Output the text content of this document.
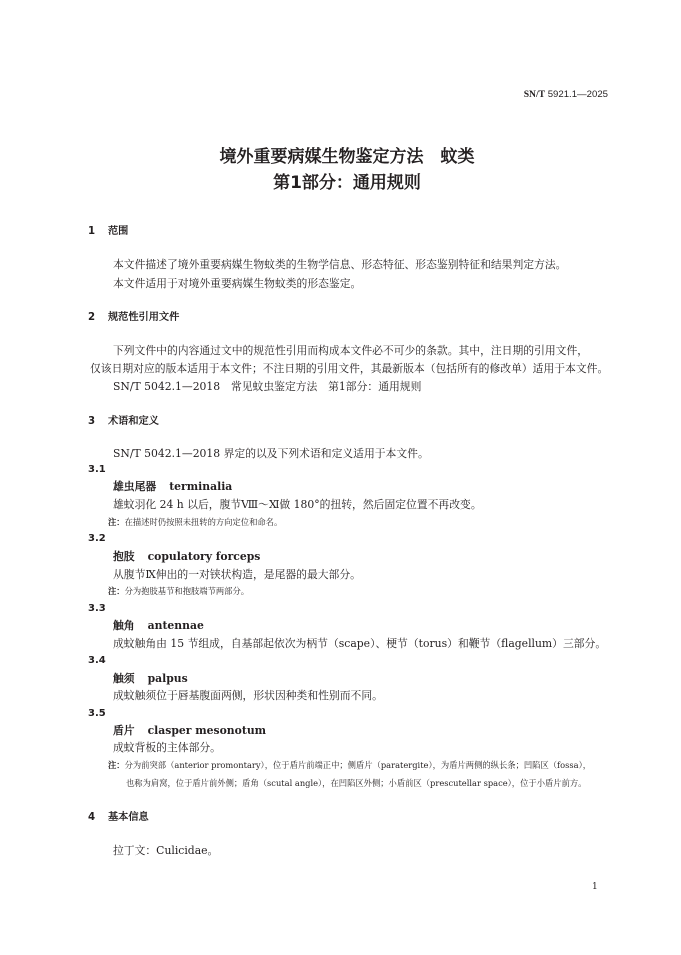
SN/T 5921.1—2025
境外重要病媒生物鉴定方法　蚊类
第1部分：通用规则
1 范围
本文件描述了境外重要病媒生物蚊类的生物学信息、形态特征、形态鉴别特征和结果判定方法。
本文件适用于对境外重要病媒生物蚊类的形态鉴定。
2 规范性引用文件
下列文件中的内容通过文中的规范性引用而构成本文件必不可少的条款。其中，注日期的引用文件，
仅该日期对应的版本适用于本文件；不注日期的引用文件，其最新版本（包括所有的修改单）适用于本文件。
SN/T 5042.1—2018　常见蚊虫鉴定方法　第1部分：通用规则
3 术语和定义
SN/T 5042.1—2018 界定的以及下列术语和定义适用于本文件。
3.1
雄虫尾器 terminalia
雄蚊羽化 24 h 以后，腹节Ⅷ～Ⅺ做 180°的扭转，然后固定位置不再改变。
注：在描述时仍按照未扭转的方向定位和命名。
3.2
抱肢 copulatory forceps
从腹节Ⅸ伸出的一对铗状构造，是尾器的最大部分。
注：分为抱肢基节和抱肢端节两部分。
3.3
触角 antennae
成蚊触角由 15 节组成，自基部起依次为柄节（scape）、梗节（torus）和鞭节（flagellum）三部分。
3.4
触须 palpus
成蚊触须位于唇基腹面两侧，形状因种类和性别而不同。
3.5
盾片 clasper mesonotum
成蚊背板的主体部分。
注：分为前突部（anterior promontary），位于盾片前端正中；侧盾片（paratergite），为盾片两侧的纵长条；凹陷区（fossa），
也称为肩窝，位于盾片前外侧；盾角（scutal angle），在凹陷区外侧；小盾前区（prescutellar space），位于小盾片前方。
4 基本信息
拉丁文：Culicidae。
1
